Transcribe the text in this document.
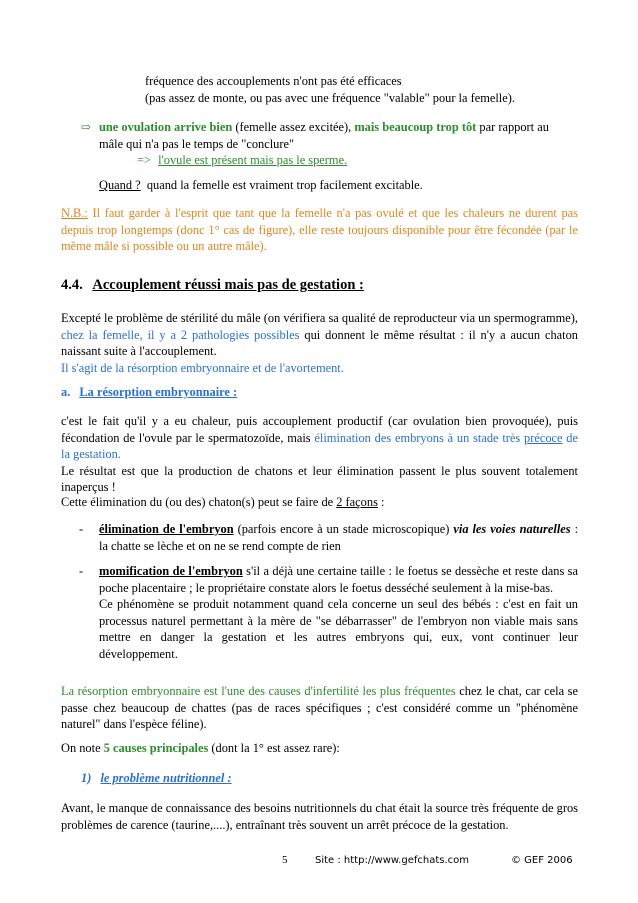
fréquence des accouplements n'ont pas été efficaces
(pas assez de monte, ou pas avec une fréquence "valable" pour la femelle).
⇨ une ovulation arrive bien (femelle assez excitée), mais beaucoup trop tôt par rapport au
mâle qui n'a pas le temps de "conclure"
=> l'ovule est présent mais pas le sperme.
Quand ?  quand la femelle est vraiment trop facilement excitable.
N.B.: Il faut garder à l'esprit que tant que la femelle n'a pas ovulé et que les chaleurs ne durent pas depuis trop longtemps (donc 1° cas de figure), elle reste toujours disponible pour être fécondée (par le même mâle si possible ou un autre mâle).
4.4. Accouplement réussi mais pas de gestation :
Excepté le problème de stérilité du mâle (on vérifiera sa qualité de reproducteur via un spermogramme), chez la femelle, il y a 2 pathologies possibles qui donnent le même résultat : il n'y a aucun chaton naissant suite à l'accouplement.
Il s'agit de la résorption embryonnaire et de l'avortement.
a. La résorption embryonnaire :
c'est le fait qu'il y a eu chaleur, puis accouplement productif (car ovulation bien provoquée), puis fécondation de l'ovule par le spermatozoïde, mais élimination des embryons à un stade très précoce de la gestation.
Le résultat est que la production de chatons et leur élimination passent le plus souvent totalement inaperçus !
Cette élimination du (ou des) chaton(s) peut se faire de 2 façons :
- élimination de l'embryon (parfois encore à un stade microscopique) via les voies naturelles : la chatte se lèche et on ne se rend compte de rien
- momification de l'embryon s'il a déjà une certaine taille : le foetus se dessèche et reste dans sa poche placentaire ; le propriétaire constate alors le foetus desséché seulement à la mise-bas.
Ce phénomène se produit notamment quand cela concerne un seul des bébés : c'est en fait un processus naturel permettant à la mère de "se débarrasser" de l'embryon non viable mais sans mettre en danger la gestation et les autres embryons qui, eux, vont continuer leur développement.
La résorption embryonnaire est l'une des causes d'infertilité les plus fréquentes chez le chat, car cela se passe chez beaucoup de chattes (pas de races spécifiques ; c'est considéré comme un "phénomène naturel" dans l'espèce féline).
On note 5 causes principales (dont la 1° est assez rare):
1) le problème nutritionnel :
Avant, le manque de connaissance des besoins nutritionnels du chat était la source très fréquente de gros problèmes de carence (taurine,....), entraînant très souvent un arrêt précoce de la gestation.
5	Site : http://www.gefchats.com	© GEF 2006
